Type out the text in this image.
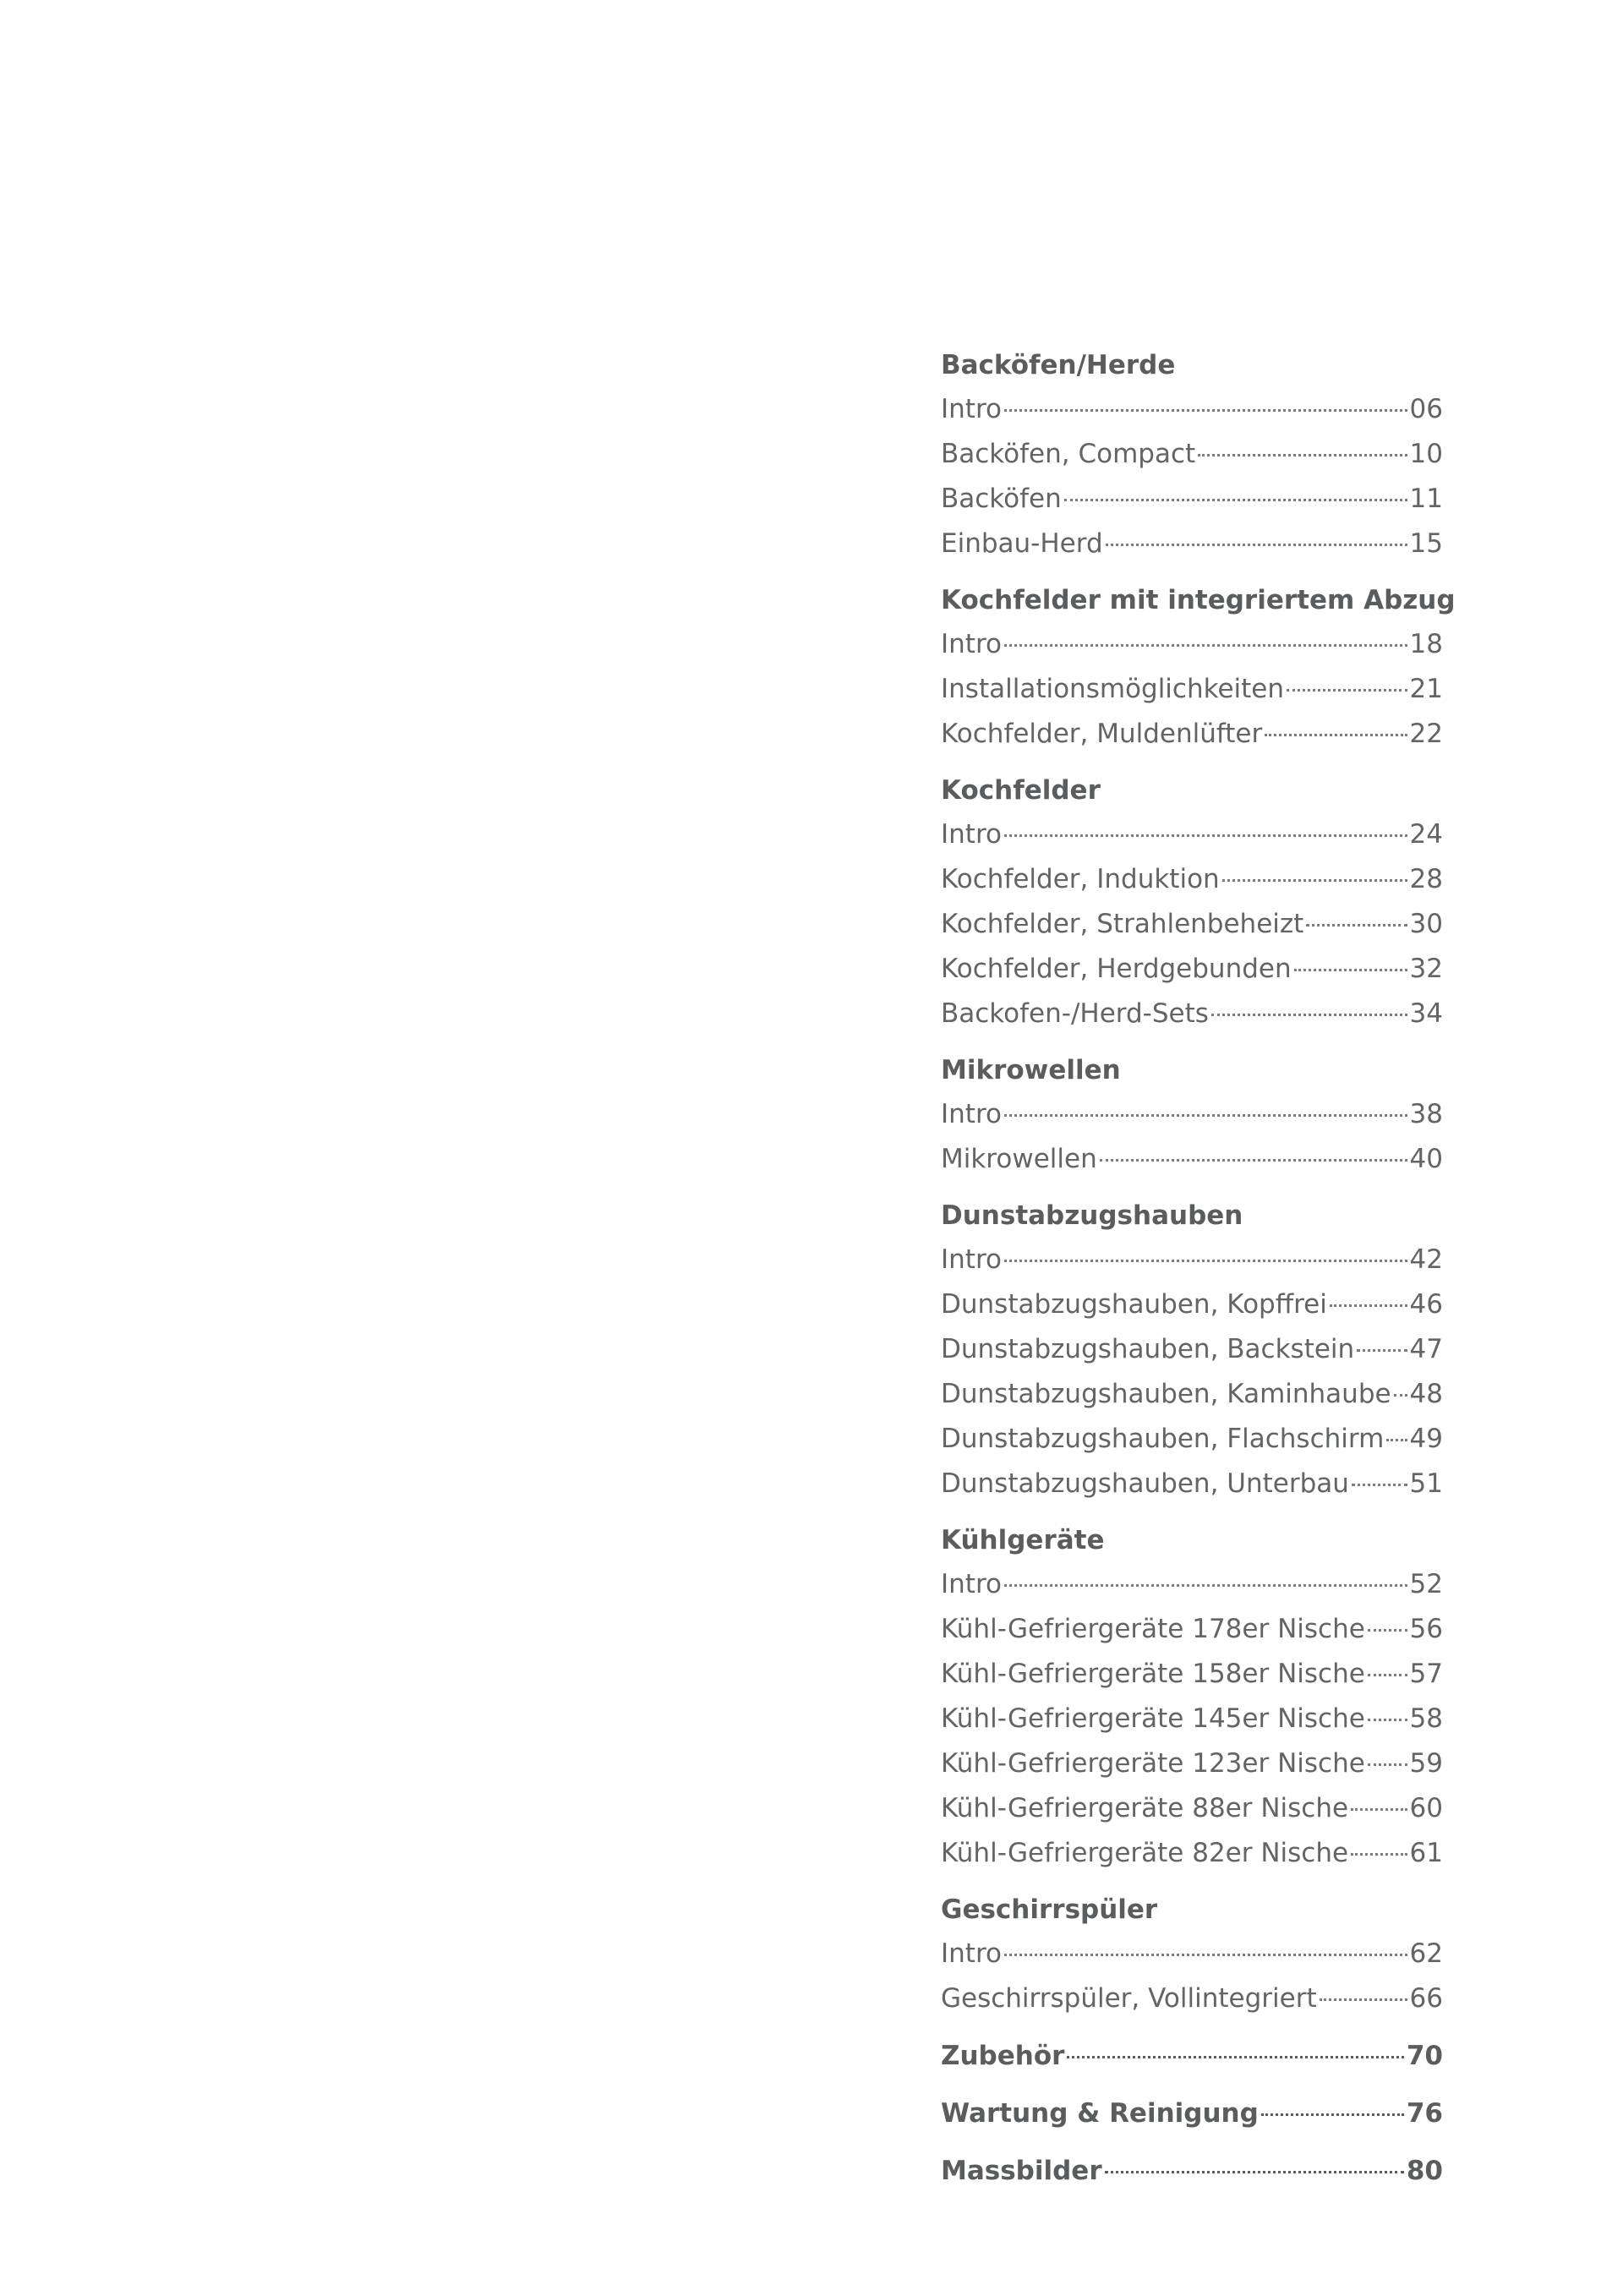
Backöfen/Herde
Intro	06
Backöfen, Compact	10
Backöfen	11
Einbau-Herd	15
Kochfelder mit integriertem Abzug
Intro	18
Installationsmöglichkeiten	21
Kochfelder, Muldenlüfter	22
Kochfelder
Intro	24
Kochfelder, Induktion	28
Kochfelder, Strahlenbeheizt	30
Kochfelder, Herdgebunden	32
Backofen-/Herd-Sets	34
Mikrowellen
Intro	38
Mikrowellen	40
Dunstabzugshauben
Intro	42
Dunstabzugshauben, Kopffrei	46
Dunstabzugshauben, Backstein 47
Dunstabzugshauben, Kaminhaube 48
Dunstabzugshauben, Flachschirm 49
Dunstabzugshauben, Unterbau 51
Kühlgeräte
Intro	52
Kühl-Gefriergeräte 178er Nische 56
Kühl-Gefriergeräte 158er Nische 57
Kühl-Gefriergeräte 145er Nische 58
Kühl-Gefriergeräte 123er Nische 59
Kühl-Gefriergeräte 88er Nische 60
Kühl-Gefriergeräte 82er Nische 61
Geschirrspüler
Intro	62
Geschirrspüler, Vollintegriert	66
Zubehör	70
Wartung & Reinigung	76
Massbilder	80
